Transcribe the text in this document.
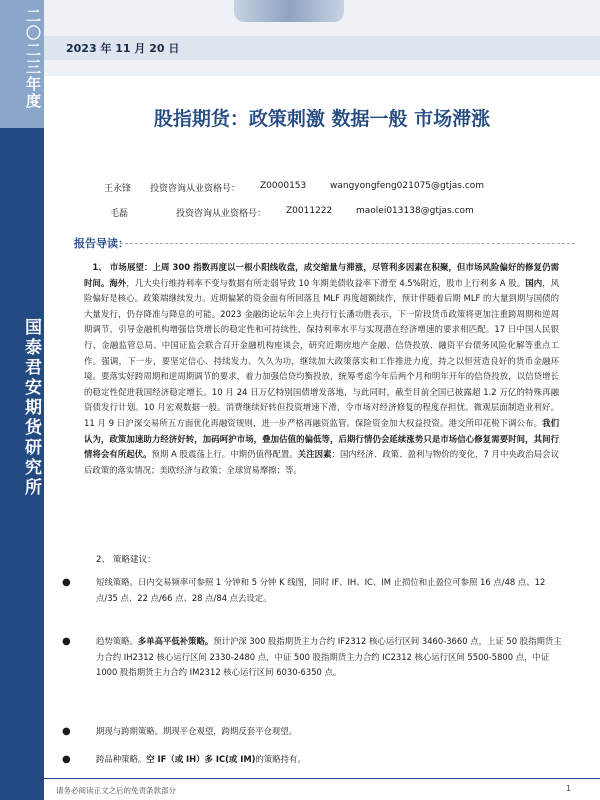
二〇二三年度
国泰君安期货研究所
2023 年 11 月 20 日
股指期货：政策刺激 数据一般 市场滞涨
王永锋 投资咨询从业资格号： Z0000153	wangyongfeng021075@gtjas.com
毛磊	投资咨询从业资格号： Z0011222	maolei013138@gtjas.com
报告导读：
1、 市场展望：上周 300 指数再度以一根小阳线收盘，成交缩量与滞涨，尽管利多因素在积聚，但市场风险偏好的修复仍需时间。海外，几大央行维持利率不变与数据有所走弱导致 10 年期美债收益率下滑至 4.5%附近，股市上行利多 A 股。国内，风险偏好是核心。政策端继续发力。近期偏紧的资金面有所回落且 MLF 再度超额续作，预计伴随着后期 MLF 的大量到期与国债的大量发行，仍存降准与降息的可能。2023 金融街论坛年会上央行行长潘功胜表示，下一阶段货币政策将更加注重跨周期和逆周期调节，引导金融机构增强信贷增长的稳定性和可持续性，保持利率水平与实现潜在经济增速的要求相匹配。17 日中国人民银行、金融监管总局、中国证监会联合召开金融机构座谈会，研究近期房地产金融、信贷投放、融资平台债务风险化解等重点工作。强调，下一步，要坚定信心、持续发力、久久为功，继续加大政策落实和工作推进力度，持之以恒营造良好的货币金融环境。要落实好跨周期和逆周期调节的要求，着力加强信贷均衡投放，统筹考虑今年后两个月和明年开年的信贷投放，以信贷增长的稳定性促进我国经济稳定增长。10 月 24 日万亿特别国债增发落地，与此同时，截至目前全国已披露超 1.2 万亿的特殊再融资债发行计划。10 月宏观数据一般。消费继续好转但投资增速下滑，令市场对经济修复的程度存担忧。微观层面制造业利好。11 月 9 日沪深交易所五方面优化再融资规则，进一步严格再融资监管。保险资金加大权益投资。港交所印花税下调公布。我们认为，政策加速助力经济好转，加码呵护市场，叠加估值的偏低等，后期行情仍会延续涨势只是市场信心修复需要时间，其间行情将会有所起伏。预期 A 股震荡上行。中期仍值得配置。关注因素：国内经济、政策、盈利与物价的变化，7 月中央政治局会议后政策的落实情况；美欧经济与政策；全球贸易摩擦；等。
2、 策略建议：
●	短线策略。日内交易频率可参照 1 分钟和 5 分钟 K 线图，同时 IF、IH、IC、IM 止损位和止盈位可参照 16 点/48 点、12 点/35 点、22 点/66 点、28 点/84 点去设定。
●	趋势策略。多单高平低补策略。预计沪深 300 股指期货主力合约 IF2312 核心运行区间 3460-3660 点，上证 50 股指期货主力合约 IH2312 核心运行区间 2330-2480 点，中证 500 股指期货主力合约 IC2312 核心运行区间 5500-5800 点，中证 1000 股指期货主力合约 IM2312 核心运行区间 6030-6350 点。
●	期现与跨期策略。期现平仓观望，跨期反套平仓观望。
●	跨品种策略。空 IF（或 IH）多 IC(或 IM)的策略持有。
请务必阅读正文之后的免责条款部分	1
